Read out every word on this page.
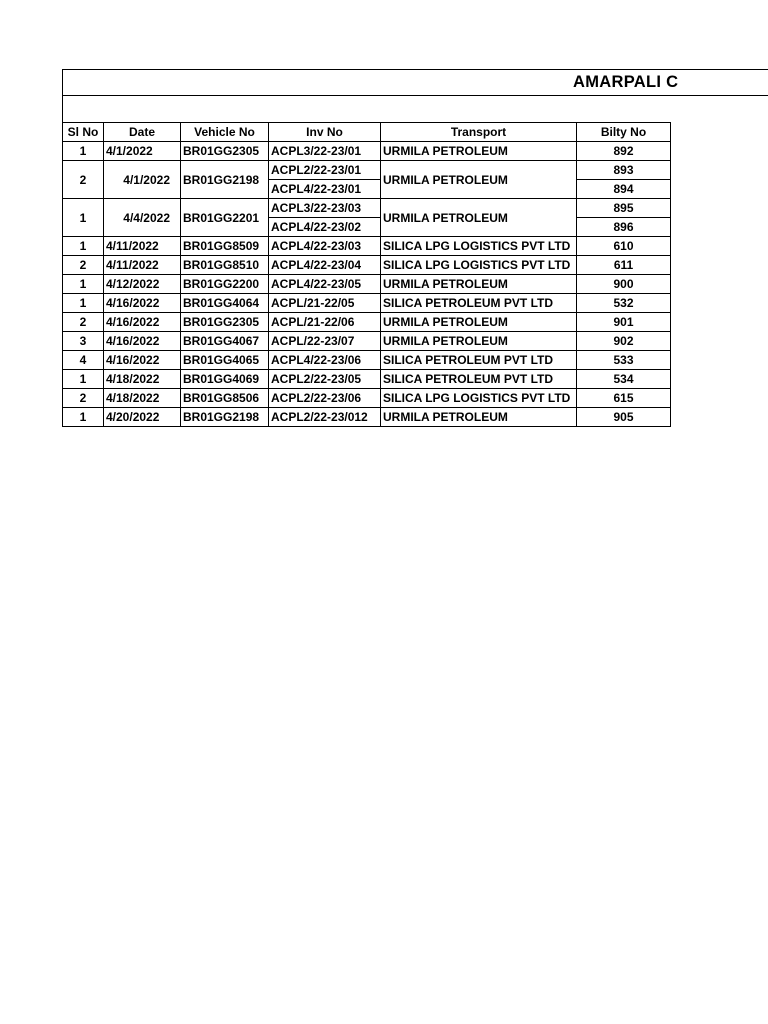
AMARPALI C
Sl No	Date	Vehicle No	Inv No	Transport	Bilty No
1	4/1/2022	BR01GG2305	ACPL3/22-23/01	URMILA PETROLEUM	892
2	4/1/2022	BR01GG2198	ACPL2/22-23/01	URMILA PETROLEUM	893
			ACPL4/22-23/01		894
1	4/4/2022	BR01GG2201	ACPL3/22-23/03	URMILA PETROLEUM	895
			ACPL4/22-23/02		896
1	4/11/2022	BR01GG8509	ACPL4/22-23/03	SILICA LPG LOGISTICS PVT LTD	610
2	4/11/2022	BR01GG8510	ACPL4/22-23/04	SILICA LPG LOGISTICS PVT LTD	611
1	4/12/2022	BR01GG2200	ACPL4/22-23/05	URMILA PETROLEUM	900
1	4/16/2022	BR01GG4064	ACPL/21-22/05	SILICA PETROLEUM PVT LTD	532
2	4/16/2022	BR01GG2305	ACPL/21-22/06	URMILA PETROLEUM	901
3	4/16/2022	BR01GG4067	ACPL/22-23/07	URMILA PETROLEUM	902
4	4/16/2022	BR01GG4065	ACPL4/22-23/06	SILICA PETROLEUM PVT LTD	533
1	4/18/2022	BR01GG4069	ACPL2/22-23/05	SILICA PETROLEUM PVT LTD	534
2	4/18/2022	BR01GG8506	ACPL2/22-23/06	SILICA LPG LOGISTICS PVT LTD	615
1	4/20/2022	BR01GG2198	ACPL2/22-23/012	URMILA PETROLEUM	905
